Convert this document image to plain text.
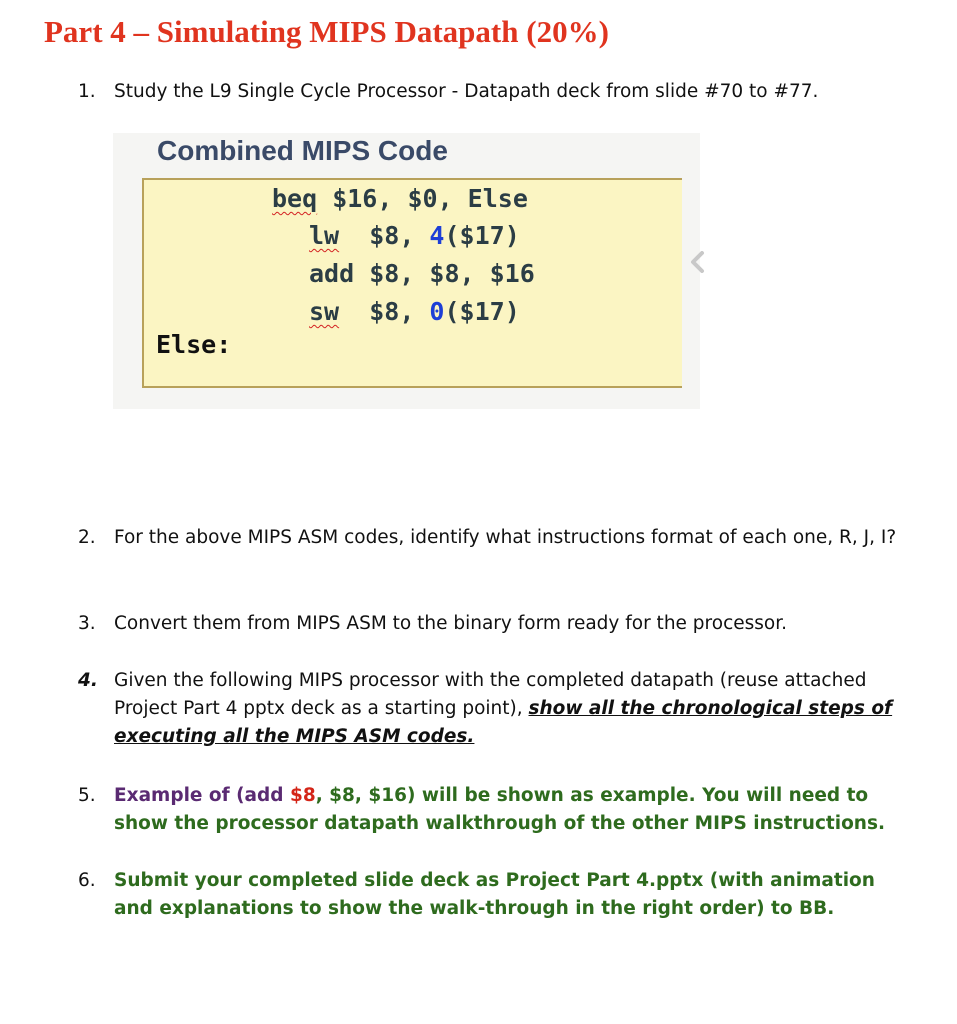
Part 4 – Simulating MIPS Datapath (20%)
1. Study the L9 Single Cycle Processor - Datapath deck from slide #70 to #77.
Combined MIPS Code
beq $16, $0, Else
lw  $8, 4($17)
add $8, $8, $16
sw  $8, 0($17)
Else:
2. For the above MIPS ASM codes, identify what instructions format of each one, R, J, I?
3. Convert them from MIPS ASM to the binary form ready for the processor.
4. Given the following MIPS processor with the completed datapath (reuse attached Project Part 4 pptx deck as a starting point), show all the chronological steps of executing all the MIPS ASM codes.
5. Example of (add $8, $8, $16) will be shown as example. You will need to show the processor datapath walkthrough of the other MIPS instructions.
6. Submit your completed slide deck as Project Part 4.pptx (with animation and explanations to show the walk-through in the right order) to BB.
